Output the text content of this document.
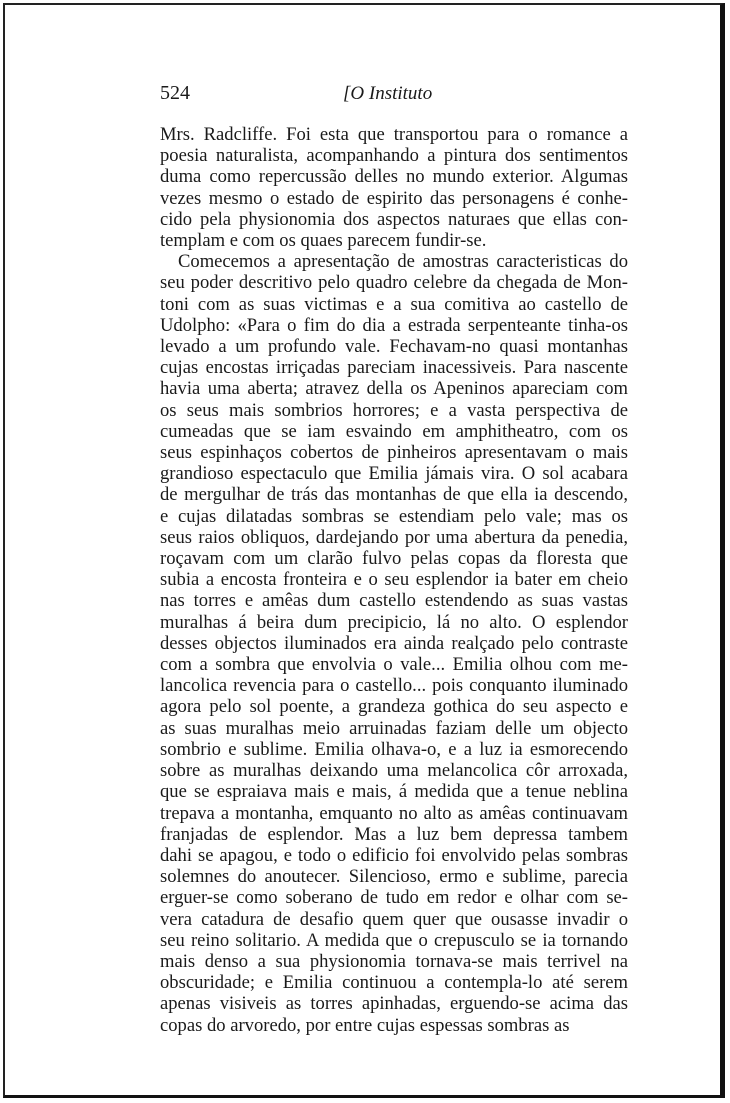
524	[O Instituto

Mrs. Radcliffe. Foi esta que transportou para o romance a

poesia naturalista, acompanhando a pintura dos sentimentos

duma como repercussão delles no mundo exterior. Algumas

vezes mesmo o estado de espirito das personagens é conhe-

cido pela physionomia dos aspectos naturaes que ellas con-

templam e com os quaes parecem fundir-se.

Comecemos a apresentação de amostras caracteristicas do

seu poder descritivo pelo quadro celebre da chegada de Mon-

toni com as suas victimas e a sua comitiva ao castello de

Udolpho: «Para o fim do dia a estrada serpenteante tinha-os

levado a um profundo vale. Fechavam-no quasi montanhas

cujas encostas irriçadas pareciam inacessiveis. Para nascente

havia uma aberta; atravez della os Apeninos apareciam com

os seus mais sombrios horrores; e a vasta perspectiva de

cumeadas que se iam esvaindo em amphitheatro, com os

seus espinhaços cobertos de pinheiros apresentavam o mais

grandioso espectaculo que Emilia jámais vira. O sol acabara

de mergulhar de trás das montanhas de que ella ia descendo,

e cujas dilatadas sombras se estendiam pelo vale; mas os

seus raios obliquos, dardejando por uma abertura da penedia,

roçavam com um clarão fulvo pelas copas da floresta que

subia a encosta fronteira e o seu esplendor ia bater em cheio

nas torres e amêas dum castello estendendo as suas vastas

muralhas á beira dum precipicio, lá no alto. O esplendor

desses objectos iluminados era ainda realçado pelo contraste

com a sombra que envolvia o vale... Emilia olhou com me-

lancolica revencia para o castello... pois conquanto iluminado

agora pelo sol poente, a grandeza gothica do seu aspecto e

as suas muralhas meio arruinadas faziam delle um objecto

sombrio e sublime. Emilia olhava-o, e a luz ia esmorecendo

sobre as muralhas deixando uma melancolica côr arroxada,

que se espraiava mais e mais, á medida que a tenue neblina

trepava a montanha, emquanto no alto as amêas continuavam

franjadas de esplendor. Mas a luz bem depressa tambem

dahi se apagou, e todo o edificio foi envolvido pelas sombras

solemnes do anoutecer. Silencioso, ermo e sublime, parecia

erguer-se como soberano de tudo em redor e olhar com se-

vera catadura de desafio quem quer que ousasse invadir o

seu reino solitario. A medida que o crepusculo se ia tornando

mais denso a sua physionomia tornava-se mais terrivel na

obscuridade; e Emilia continuou a contempla-lo até serem

apenas visiveis as torres apinhadas, erguendo-se acima das

copas do arvoredo, por entre cujas espessas sombras as
